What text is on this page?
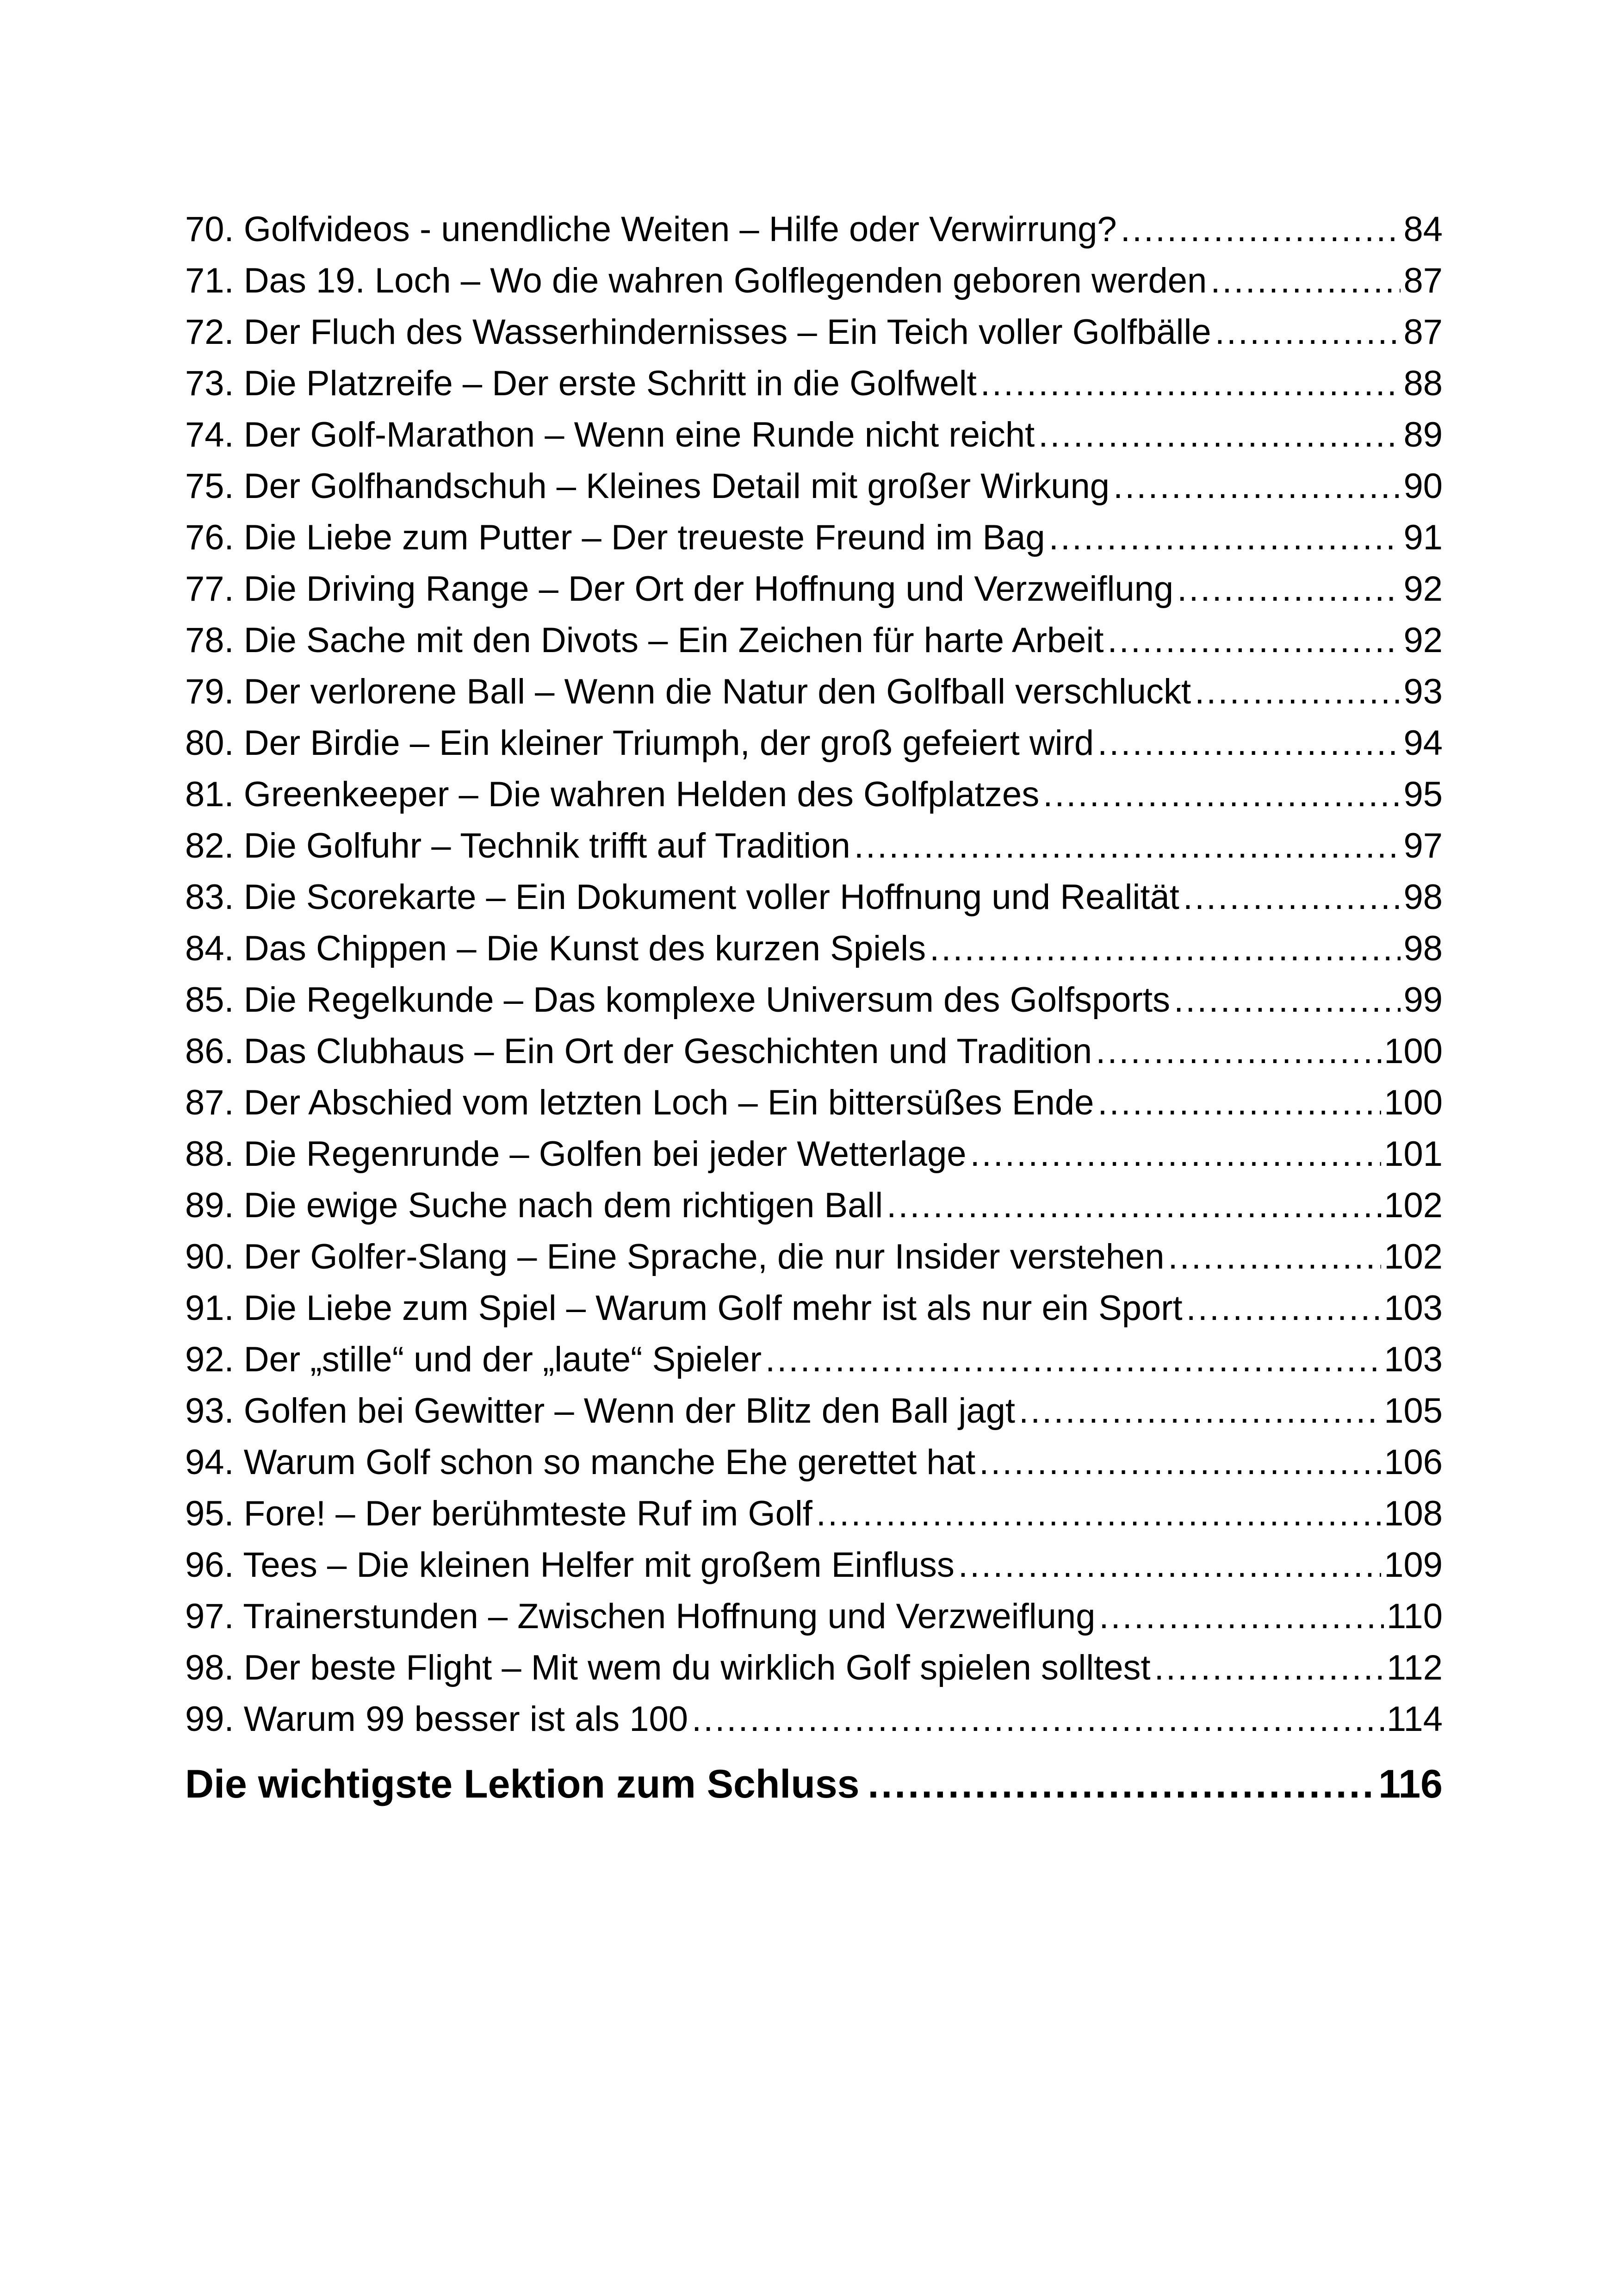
70. Golfvideos - unendliche Weiten – Hilfe oder Verwirrung? .....	84
71. Das 19. Loch – Wo die wahren Golflegenden geboren werden .....	87
72. Der Fluch des Wasserhindernisses – Ein Teich voller Golfbälle .....	87
73. Die Platzreife – Der erste Schritt in die Golfwelt .....	88
74. Der Golf-Marathon – Wenn eine Runde nicht reicht .....	89
75. Der Golfhandschuh – Kleines Detail mit großer Wirkung .....	90
76. Die Liebe zum Putter – Der treueste Freund im Bag .....	91
77. Die Driving Range – Der Ort der Hoffnung und Verzweiflung .....	92
78. Die Sache mit den Divots – Ein Zeichen für harte Arbeit .....	92
79. Der verlorene Ball – Wenn die Natur den Golfball verschluckt .....	93
80. Der Birdie – Ein kleiner Triumph, der groß gefeiert wird .....	94
81. Greenkeeper – Die wahren Helden des Golfplatzes .....	95
82. Die Golfuhr – Technik trifft auf Tradition .....	97
83. Die Scorekarte – Ein Dokument voller Hoffnung und Realität .....	98
84. Das Chippen – Die Kunst des kurzen Spiels .....	98
85. Die Regelkunde – Das komplexe Universum des Golfsports .....	99
86. Das Clubhaus – Ein Ort der Geschichten und Tradition .....	100
87. Der Abschied vom letzten Loch – Ein bittersüßes Ende .....	100
88. Die Regenrunde – Golfen bei jeder Wetterlage .....	101
89. Die ewige Suche nach dem richtigen Ball .....	102
90. Der Golfer-Slang – Eine Sprache, die nur Insider verstehen .....	102
91. Die Liebe zum Spiel – Warum Golf mehr ist als nur ein Sport .....	103
92. Der „stille“ und der „laute“ Spieler .....	103
93. Golfen bei Gewitter – Wenn der Blitz den Ball jagt .....	105
94. Warum Golf schon so manche Ehe gerettet hat .....	106
95. Fore! – Der berühmteste Ruf im Golf .....	108
96. Tees – Die kleinen Helfer mit großem Einfluss .....	109
97. Trainerstunden – Zwischen Hoffnung und Verzweiflung .....	110
98. Der beste Flight – Mit wem du wirklich Golf spielen solltest .....	112
99. Warum 99 besser ist als 100 .....	114
Die wichtigste Lektion zum Schluss .....	116
